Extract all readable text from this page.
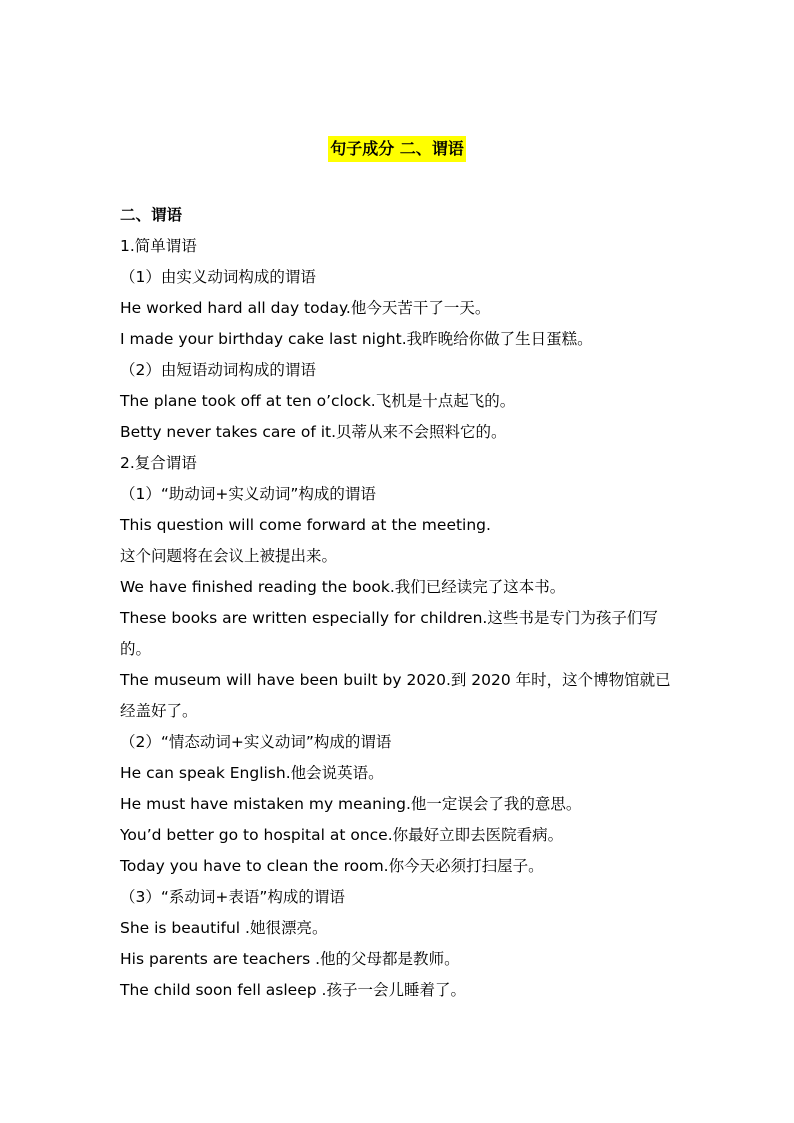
句子成分 二、谓语
二、谓语
1.简单谓语
（1）由实义动词构成的谓语
He worked hard all day today.他今天苦干了一天。
I made your birthday cake last night.我昨晚给你做了生日蛋糕。
（2）由短语动词构成的谓语
The plane took off at ten o’clock.飞机是十点起飞的。
Betty never takes care of it.贝蒂从来不会照料它的。
2.复合谓语
（1）“助动词+实义动词”构成的谓语
This question will come forward at the meeting.
这个问题将在会议上被提出来。
We have finished reading the book.我们已经读完了这本书。
These books are written especially for children.这些书是专门为孩子们写
的。
The museum will have been built by 2020.到 2020 年时，这个博物馆就已
经盖好了。
（2）“情态动词+实义动词”构成的谓语
He can speak English.他会说英语。
He must have mistaken my meaning.他一定误会了我的意思。
You’d better go to hospital at once.你最好立即去医院看病。
Today you have to clean the room.你今天必须打扫屋子。
（3）“系动词+表语”构成的谓语
She is beautiful .她很漂亮。
His parents are teachers .他的父母都是教师。
The child soon fell asleep .孩子一会儿睡着了。
